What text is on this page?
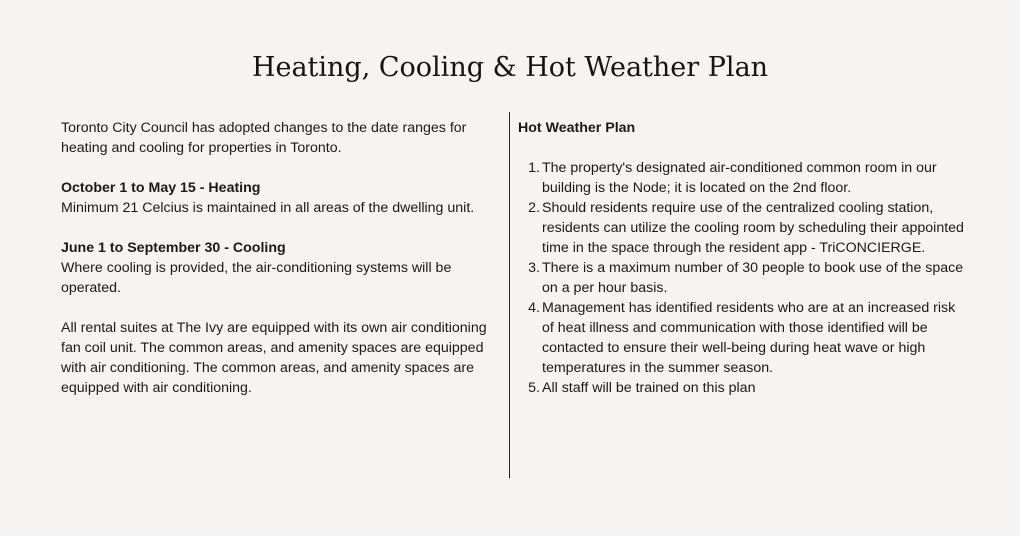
Heating, Cooling & Hot Weather Plan

Toronto City Council has adopted changes to the date ranges for heating and cooling for properties in Toronto.

October 1 to May 15 - Heating

Minimum 21 Celcius is maintained in all areas of the dwelling unit.

June 1 to September 30 - Cooling

Where cooling is provided, the air-conditioning systems will be operated.

All rental suites at The Ivy are equipped with its own air conditioning fan coil unit. The common areas, and amenity spaces are equipped with air conditioning. The common areas, and amenity spaces are equipped with air conditioning.

Hot Weather Plan

1. The property's designated air-conditioned common room in our building is the Node; it is located on the 2nd floor.
2. Should residents require use of the centralized cooling station, residents can utilize the cooling room by scheduling their appointed time in the space through the resident app - TriCONCIERGE.
3. There is a maximum number of 30 people to book use of the space on a per hour basis.
4. Management has identified residents who are at an increased risk of heat illness and communication with those identified will be contacted to ensure their well-being during heat wave or high temperatures in the summer season.
5. All staff will be trained on this plan
